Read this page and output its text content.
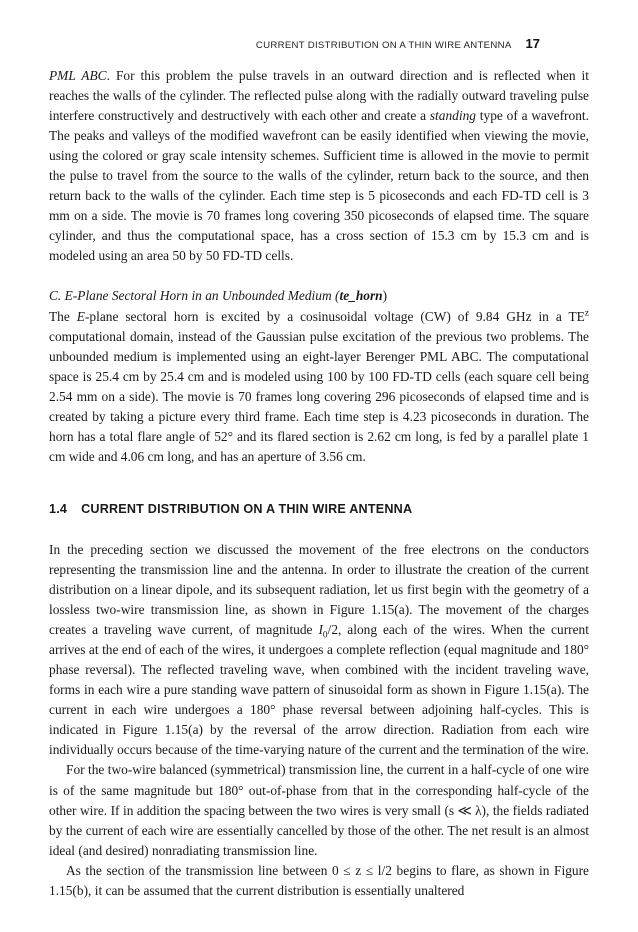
CURRENT DISTRIBUTION ON A THIN WIRE ANTENNA 17

PML ABC. For this problem the pulse travels in an outward direction and is reflected when it reaches the walls of the cylinder. The reflected pulse along with the radially outward traveling pulse interfere constructively and destructively with each other and create a standing type of a wavefront. The peaks and valleys of the modified wavefront can be easily identified when viewing the movie, using the colored or gray scale intensity schemes. Sufficient time is allowed in the movie to permit the pulse to travel from the source to the walls of the cylinder, return back to the source, and then return back to the walls of the cylinder. Each time step is 5 picoseconds and each FD-TD cell is 3 mm on a side. The movie is 70 frames long covering 350 picoseconds of elapsed time. The square cylinder, and thus the computational space, has a cross section of 15.3 cm by 15.3 cm and is modeled using an area 50 by 50 FD-TD cells.

C. E-Plane Sectoral Horn in an Unbounded Medium (te_horn)

The E-plane sectoral horn is excited by a cosinusoidal voltage (CW) of 9.84 GHz in a $TE^z$ computational domain, instead of the Gaussian pulse excitation of the previous two problems. The unbounded medium is implemented using an eight-layer Berenger PML ABC. The computational space is 25.4 cm by 25.4 cm and is modeled using 100 by 100 FD-TD cells (each square cell being 2.54 mm on a side). The movie is 70 frames long covering 296 picoseconds of elapsed time and is created by taking a picture every third frame. Each time step is 4.23 picoseconds in duration. The horn has a total flare angle of 52° and its flared section is 2.62 cm long, is fed by a parallel plate 1 cm wide and 4.06 cm long, and has an aperture of 3.56 cm.

1.4 CURRENT DISTRIBUTION ON A THIN WIRE ANTENNA

In the preceding section we discussed the movement of the free electrons on the conductors representing the transmission line and the antenna. In order to illustrate the creation of the current distribution on a linear dipole, and its subsequent radiation, let us first begin with the geometry of a lossless two-wire transmission line, as shown in Figure 1.15(a). The movement of the charges creates a traveling wave current, of magnitude $I_0/2$, along each of the wires. When the current arrives at the end of each of the wires, it undergoes a complete reflection (equal magnitude and 180° phase reversal). The reflected traveling wave, when combined with the incident traveling wave, forms in each wire a pure standing wave pattern of sinusoidal form as shown in Figure 1.15(a). The current in each wire undergoes a 180° phase reversal between adjoining half-cycles. This is indicated in Figure 1.15(a) by the reversal of the arrow direction. Radiation from each wire individually occurs because of the time-varying nature of the current and the termination of the wire.

For the two-wire balanced (symmetrical) transmission line, the current in a half-cycle of one wire is of the same magnitude but 180° out-of-phase from that in the corresponding half-cycle of the other wire. If in addition the spacing between the two wires is very small (s ≪ λ), the fields radiated by the current of each wire are essentially cancelled by those of the other. The net result is an almost ideal (and desired) nonradiating transmission line.

As the section of the transmission line between 0 ≤ z ≤ l/2 begins to flare, as shown in Figure 1.15(b), it can be assumed that the current distribution is essentially unaltered
